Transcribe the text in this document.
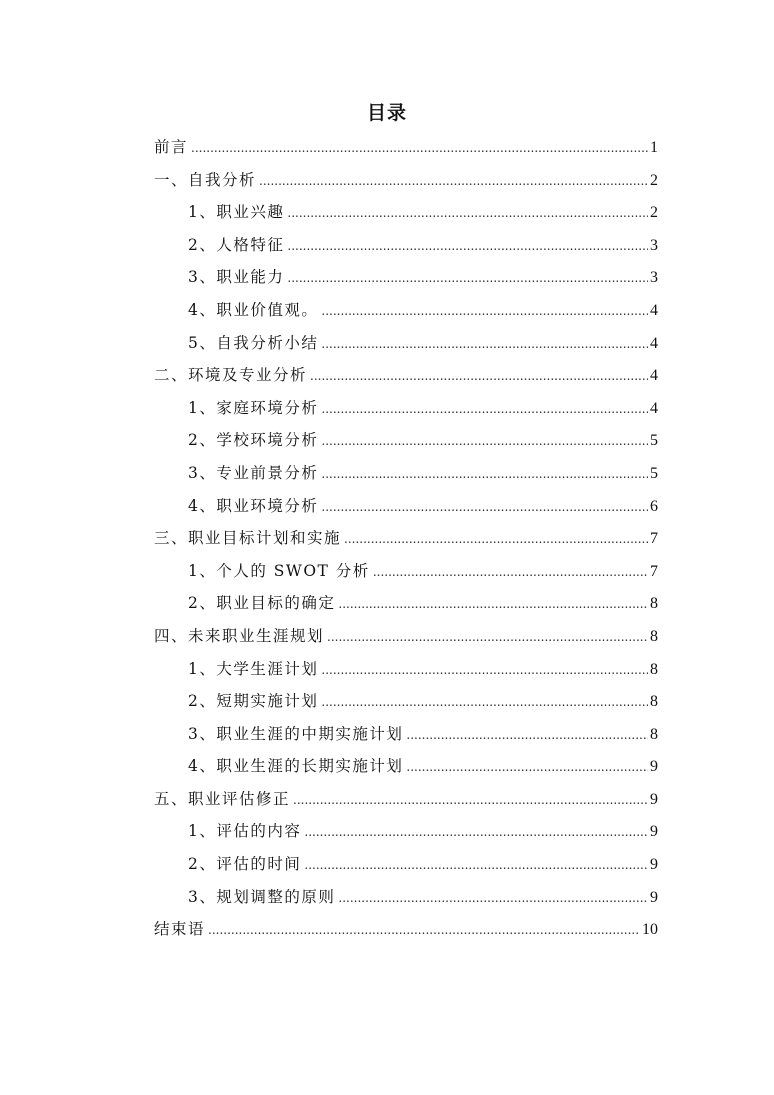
目录
前言 .....	1
一、自我分析 .....	2
1、职业兴趣 .....	2
2、人格特征 .....	3
3、职业能力 .....	3
4、职业价值观。 .....	4
5、自我分析小结 .....	4
二、环境及专业分析 .....	4
1、家庭环境分析 .....	4
2、学校环境分析 .....	5
3、专业前景分析 .....	5
4、职业环境分析 .....	6
三、职业目标计划和实施 .....	7
1、个人的 SWOT 分析 .....	7
2、职业目标的确定 .....	8
四、未来职业生涯规划 .....	8
1、大学生涯计划 .....	8
2、短期实施计划 .....	8
3、职业生涯的中期实施计划 .....	8
4、职业生涯的长期实施计划 .....	9
五、职业评估修正 .....	9
1、评估的内容 .....	9
2、评估的时间 .....	9
3、规划调整的原则 .....	9
结束语 .....	10
